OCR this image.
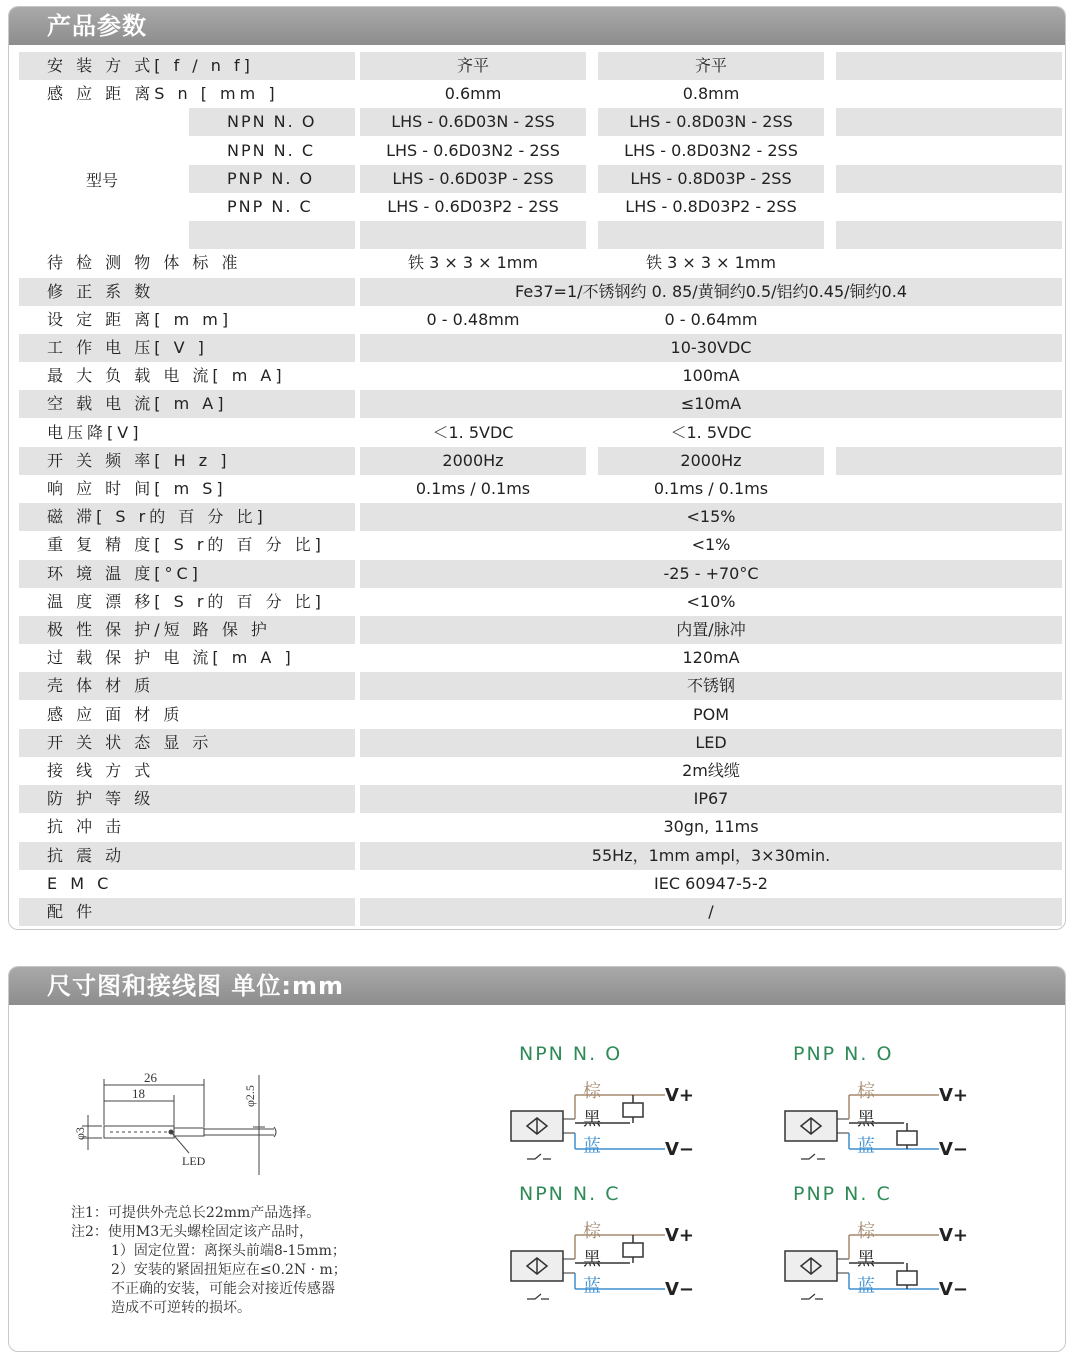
产品参数
安 装 方 式[ f / n f]	齐平	齐平
感 应 距 离S n [ mm ]	0.6mm	0.8mm
NPN N. O	LHS - 0.6D03N - 2SS	LHS - 0.8D03N - 2SS
NPN N. C	LHS - 0.6D03N2 - 2SS	LHS - 0.8D03N2 - 2SS
PNP N. O	LHS - 0.6D03P - 2SS	LHS - 0.8D03P - 2SS
PNP N. C	LHS - 0.6D03P2 - 2SS	LHS - 0.8D03P2 - 2SS
待 检 测 物 体 标 准	铁 3 × 3 × 1mm	铁 3 × 3 × 1mm
修 正 系 数	Fe37=1/不锈钢约 0. 85/黄铜约0.5/铝约0.45/铜约0.4
设 定 距 离[ m m]	0 - 0.48mm	0 - 0.64mm
工 作 电 压[ V ]	10-30VDC
最 大 负 载 电 流[ m A]	100mA
空 载 电 流[ m A]	≤10mA
电压降[V]	＜1. 5VDC	＜1. 5VDC
开 关 频 率[ H z ]	2000Hz	2000Hz
响 应 时 间[ m S]	0.1ms / 0.1ms	0.1ms / 0.1ms
磁 滞[ S r的 百 分 比]	<15%
重 复 精 度[ S r的 百 分 比]	<1%
环 境 温 度[°C]	-25 - +70°C
温 度 漂 移[ S r的 百 分 比]	<10%
极 性 保 护/短 路 保 护	内置/脉冲
过 载 保 护 电 流[ m A ]	120mA
壳 体 材 质	不锈钢
感 应 面 材 质	POM
开 关 状 态 显 示	LED
接 线 方 式	2m线缆
防 护 等 级	IP67
抗 冲 击	30gn, 11ms
抗 震 动	55Hz，1mm ampl，3×30min.
E M C	IEC 60947-5-2
配 件	/
型号
尺寸图和接线图 单位:mm
26
18	φ2.5
φ3
LED
注1：可提供外壳总长22mm产品选择。
注2：使用M3无头螺栓固定该产品时，
1）固定位置：离探头前端8-15mm；
2）安装的紧固扭矩应在≤0.2N · m；
不正确的安装，可能会对接近传感器
造成不可逆转的损坏。
NPN N. O
棕
黑
蓝
V+
V−
PNP N. O
棕
黑
蓝
V+
V−
NPN N. C
棕
黑
蓝
V+
V−
PNP N. C
棕
黑
蓝
V+
V−
